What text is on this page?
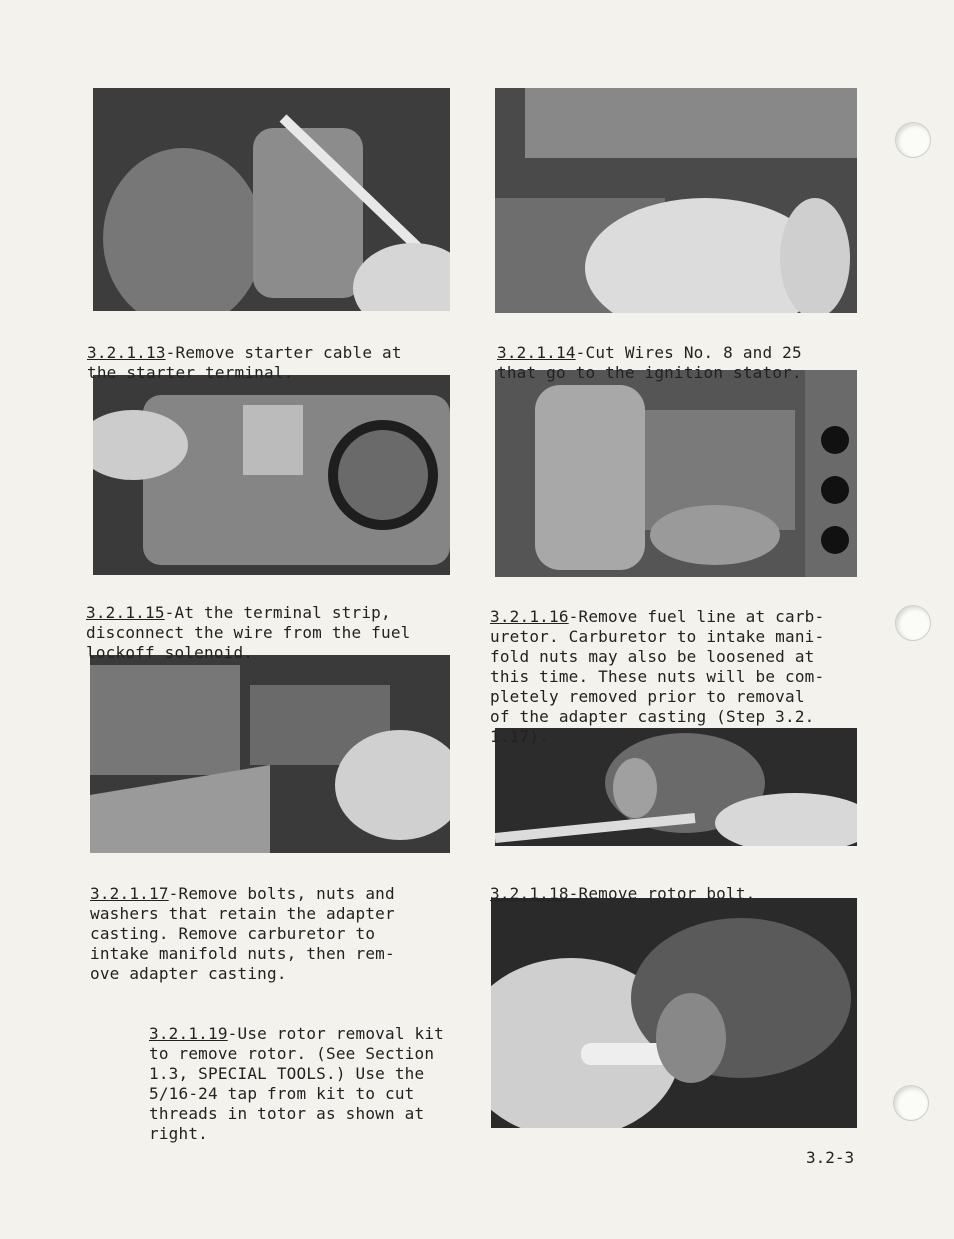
3.2.1.13-Remove starter cable at
the starter terminal.

3.2.1.14-Cut Wires No. 8 and 25
that go to the ignition stator.

3.2.1.15-At the terminal strip,
disconnect the wire from the fuel
lockoff solenoid.

3.2.1.16-Remove fuel line at carb-
uretor. Carburetor to intake mani-
fold nuts may also be loosened at
this time. These nuts will be com-
pletely removed prior to removal
of the adapter casting (Step 3.2.
1.17).

3.2.1.17-Remove bolts, nuts and
washers that retain the adapter
casting. Remove carburetor to
intake manifold nuts, then rem-
ove adapter casting.

3.2.1.18-Remove rotor bolt.

3.2.1.19-Use rotor removal kit
to remove rotor. (See Section
1.3, SPECIAL TOOLS.) Use the
5/16-24 tap from kit to cut
threads in totor as shown at
right.

3.2-3
